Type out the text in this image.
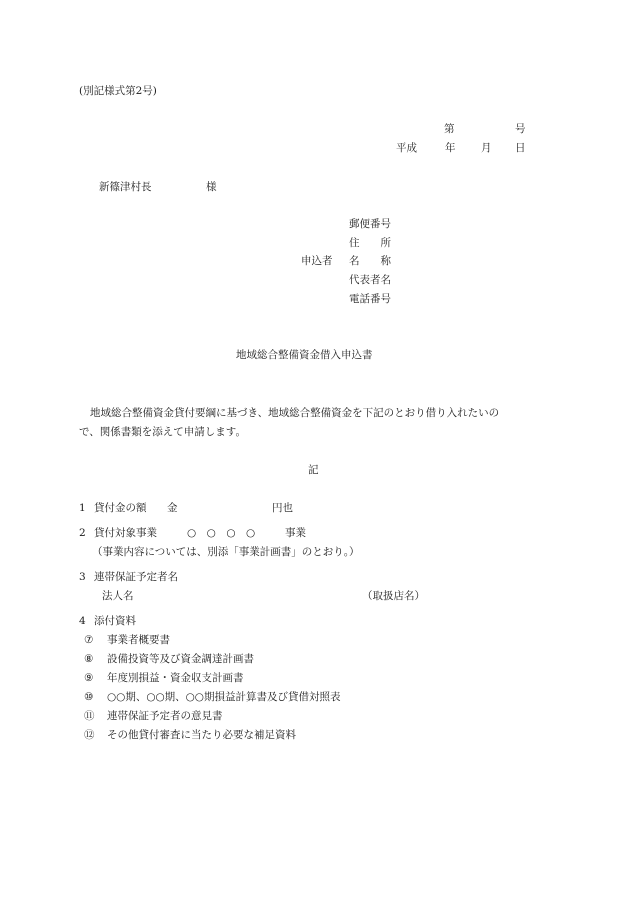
(別記様式第2号)
第	号
平成	年 月 日
新篠津村長	様
申込者
郵便番号
住　　所
名　　称
代表者名
電話番号
地域総合整備資金借入申込書
地域総合整備資金貸付要綱に基づき、地域総合整備資金を下記のとおり借り入れたいの
で、関係書類を添えて申請します。
記
1 貸付金の額 金	円也
2 貸付対象事業	○　○　○　○	事業
（事業内容については、別添「事業計画書」のとおり。）
3 連帯保証予定者名
法人名	（取扱店名）
4 添付資料
⑦ 事業者概要書
⑧ 設備投資等及び資金調達計画書
⑨ 年度別損益・資金収支計画書
⑩ ○○期、○○期、○○期損益計算書及び貸借対照表
⑪ 連帯保証予定者の意見書
⑫ その他貸付審査に当たり必要な補足資料
